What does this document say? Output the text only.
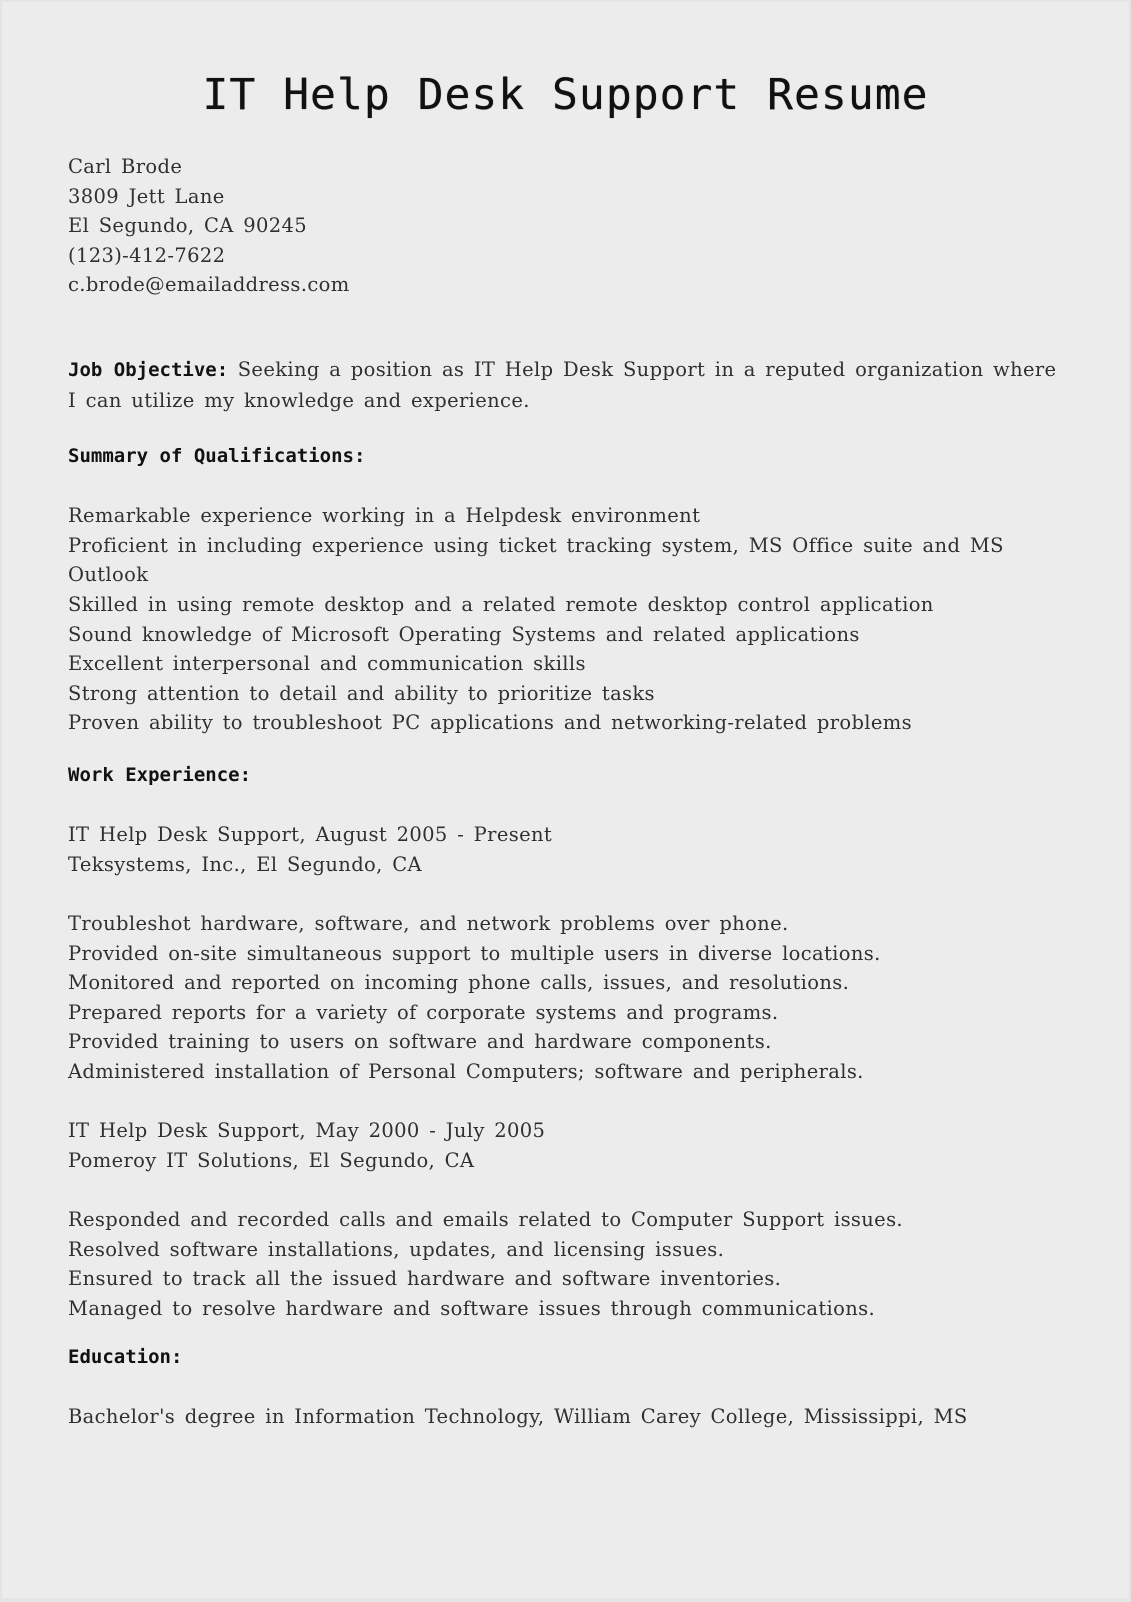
IT Help Desk Support Resume
Carl Brode
3809 Jett Lane
El Segundo, CA 90245
(123)-412-7622
c.brode@emailaddress.com
Job Objective: Seeking a position as IT Help Desk Support in a reputed organization where
I can utilize my knowledge and experience.
Summary of Qualifications:

Remarkable experience working in a Helpdesk environment
Proficient in including experience using ticket tracking system, MS Office suite and MS
Outlook
Skilled in using remote desktop and a related remote desktop control application
Sound knowledge of Microsoft Operating Systems and related applications
Excellent interpersonal and communication skills
Strong attention to detail and ability to prioritize tasks
Proven ability to troubleshoot PC applications and networking-related problems
Work Experience:

IT Help Desk Support, August 2005 - Present
Teksystems, Inc., El Segundo, CA

Troubleshot hardware, software, and network problems over phone.
Provided on-site simultaneous support to multiple users in diverse locations.
Monitored and reported on incoming phone calls, issues, and resolutions.
Prepared reports for a variety of corporate systems and programs.
Provided training to users on software and hardware components.
Administered installation of Personal Computers; software and peripherals.

IT Help Desk Support, May 2000 - July 2005
Pomeroy IT Solutions, El Segundo, CA

Responded and recorded calls and emails related to Computer Support issues.
Resolved software installations, updates, and licensing issues.
Ensured to track all the issued hardware and software inventories.
Managed to resolve hardware and software issues through communications.
Education:

Bachelor's degree in Information Technology, William Carey College, Mississippi, MS
